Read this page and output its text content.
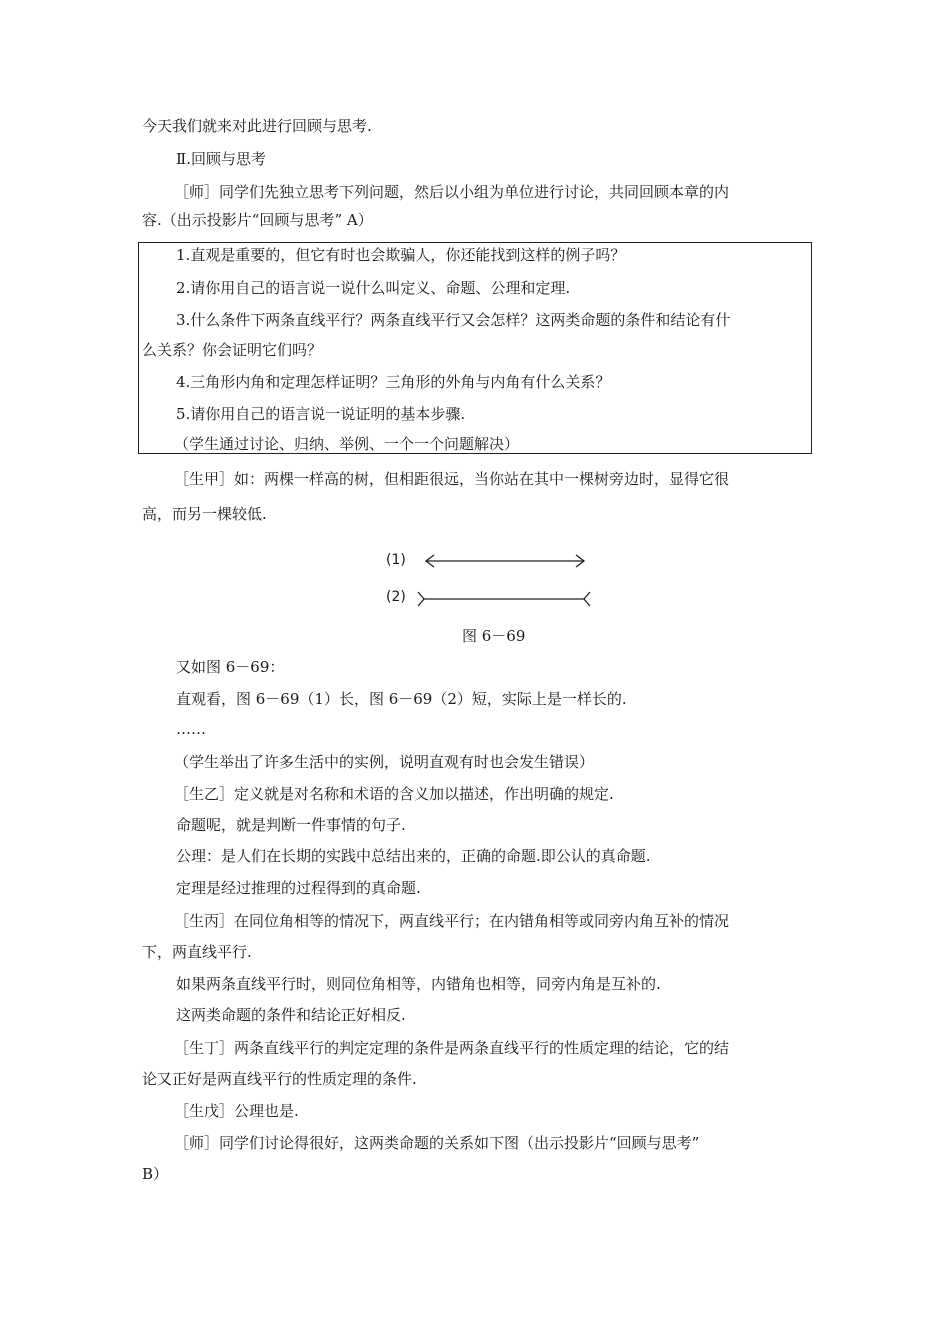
今天我们就来对此进行回顾与思考.
Ⅱ.回顾与思考
［师］同学们先独立思考下列问题，然后以小组为单位进行讨论，共同回顾本章的内
容.（出示投影片“回顾与思考” A）
1.直观是重要的，但它有时也会欺骗人，你还能找到这样的例子吗？
2.请你用自己的语言说一说什么叫定义、命题、公理和定理.
3.什么条件下两条直线平行？两条直线平行又会怎样？这两类命题的条件和结论有什
么关系？你会证明它们吗？
4.三角形内角和定理怎样证明？三角形的外角与内角有什么关系？
5.请你用自己的语言说一说证明的基本步骤.
（学生通过讨论、归纳、举例、一个一个问题解决）
［生甲］如：两棵一样高的树，但相距很远，当你站在其中一棵树旁边时，显得它很
高，而另一棵较低.
(1)
(2)
图 6－69
又如图 6－69：
直观看，图 6－69（1）长，图 6－69（2）短，实际上是一样长的.
……
（学生举出了许多生活中的实例，说明直观有时也会发生错误）
［生乙］定义就是对名称和术语的含义加以描述，作出明确的规定.
命题呢，就是判断一件事情的句子.
公理：是人们在长期的实践中总结出来的，正确的命题.即公认的真命题.
定理是经过推理的过程得到的真命题.
［生丙］在同位角相等的情况下，两直线平行；在内错角相等或同旁内角互补的情况
下，两直线平行.
如果两条直线平行时，则同位角相等，内错角也相等，同旁内角是互补的.
这两类命题的条件和结论正好相反.
［生丁］两条直线平行的判定定理的条件是两条直线平行的性质定理的结论，它的结
论又正好是两直线平行的性质定理的条件.
［生戊］公理也是.
［师］同学们讨论得很好，这两类命题的关系如下图（出示投影片“回顾与思考”
B）
